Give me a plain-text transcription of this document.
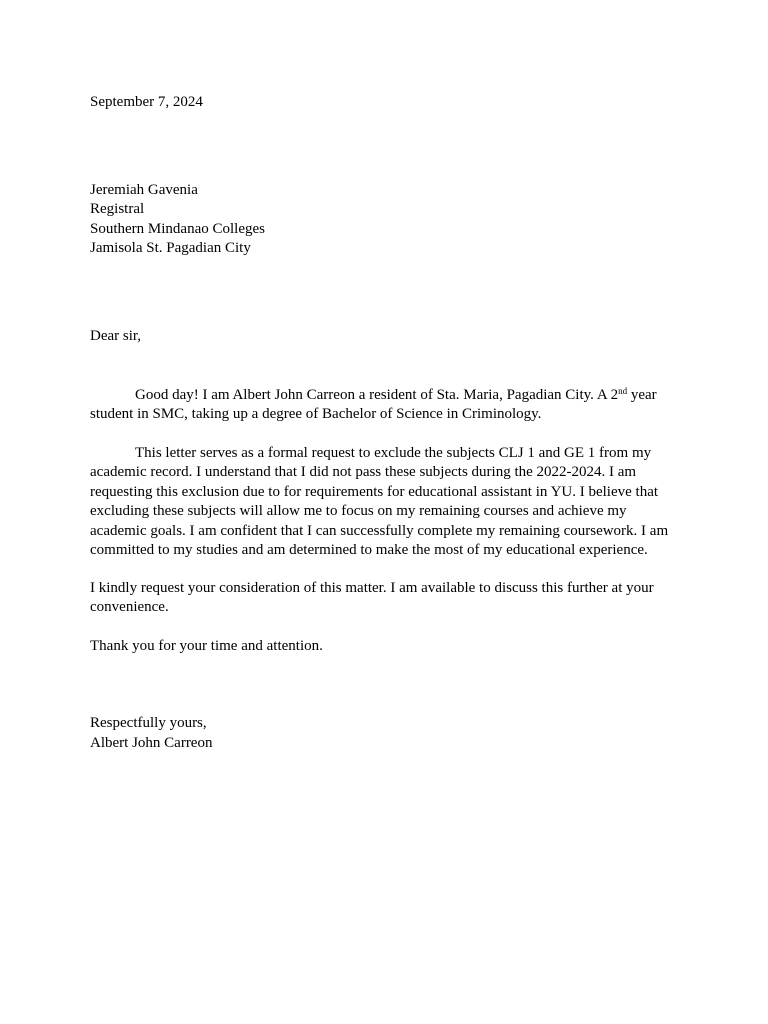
September 7, 2024
Jeremiah Gavenia
Registral
Southern Mindanao Colleges
Jamisola St. Pagadian City
Dear sir,
Good day! I am Albert John Carreon a resident of Sta. Maria, Pagadian City. A 2nd year student in SMC, taking up a degree of Bachelor of Science in Criminology.
This letter serves as a formal request to exclude the subjects CLJ 1 and GE 1 from my academic record. I understand that I did not pass these subjects during the 2022-2024. I am requesting this exclusion due to for requirements for educational assistant in YU. I believe that excluding these subjects will allow me to focus on my remaining courses and achieve my academic goals. I am confident that I can successfully complete my remaining coursework. I am committed to my studies and am determined to make the most of my educational experience.
I kindly request your consideration of this matter. I am available to discuss this further at your convenience.
Thank you for your time and attention.
Respectfully yours,
Albert John Carreon
